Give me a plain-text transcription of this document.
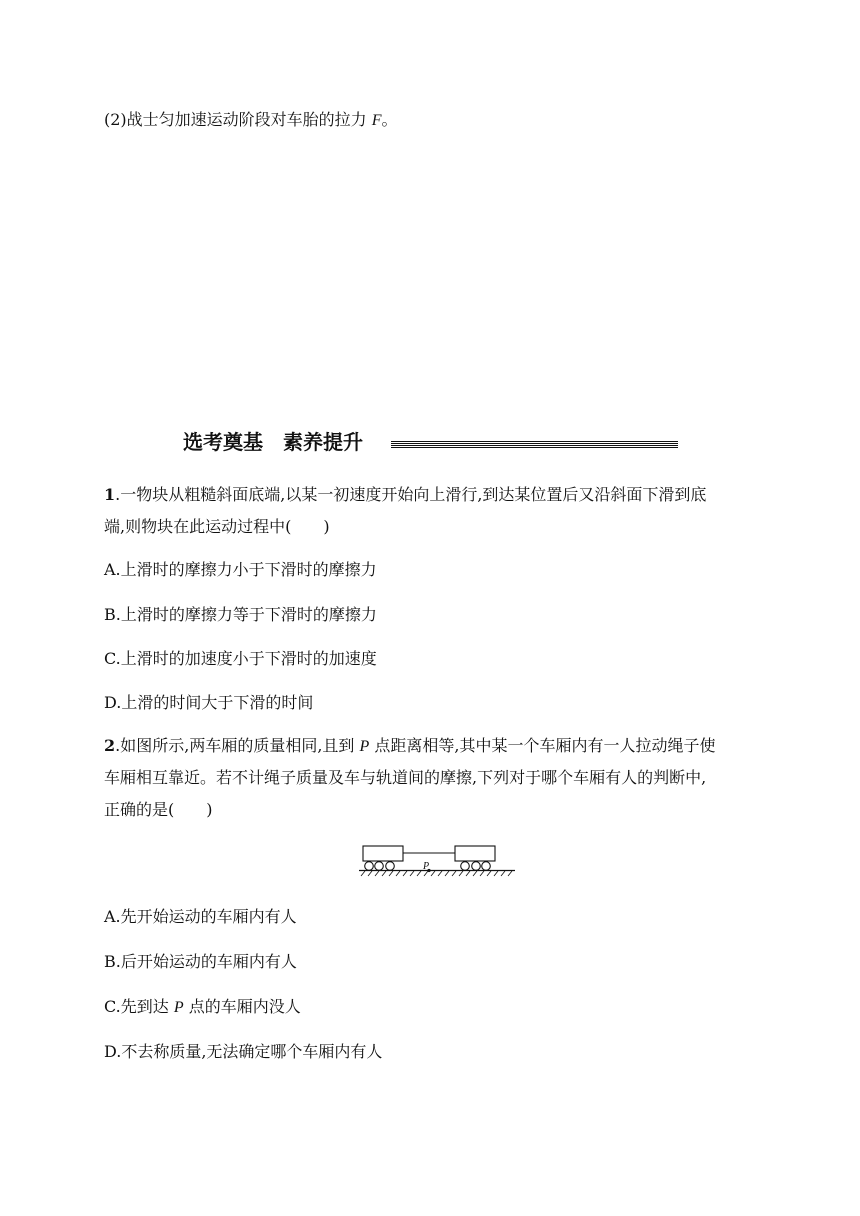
(2)战士匀加速运动阶段对车胎的拉力 F。
选考奠基　 素养提升
1.一物块从粗糙斜面底端,以某一初速度开始向上滑行,到达某位置后又沿斜面下滑到底
端,则物块在此运动过程中(　　)
A.上滑时的摩擦力小于下滑时的摩擦力
B.上滑时的摩擦力等于下滑时的摩擦力
C.上滑时的加速度小于下滑时的加速度
D.上滑的时间大于下滑的时间
2.如图所示,两车厢的质量相同,且到 P 点距离相等,其中某一个车厢内有一人拉动绳子使
车厢相互靠近。若不计绳子质量及车与轨道间的摩擦,下列对于哪个车厢有人的判断中,
正确的是(　　)
P
A.先开始运动的车厢内有人
B.后开始运动的车厢内有人
C.先到达 P 点的车厢内没人
D.不去称质量,无法确定哪个车厢内有人
